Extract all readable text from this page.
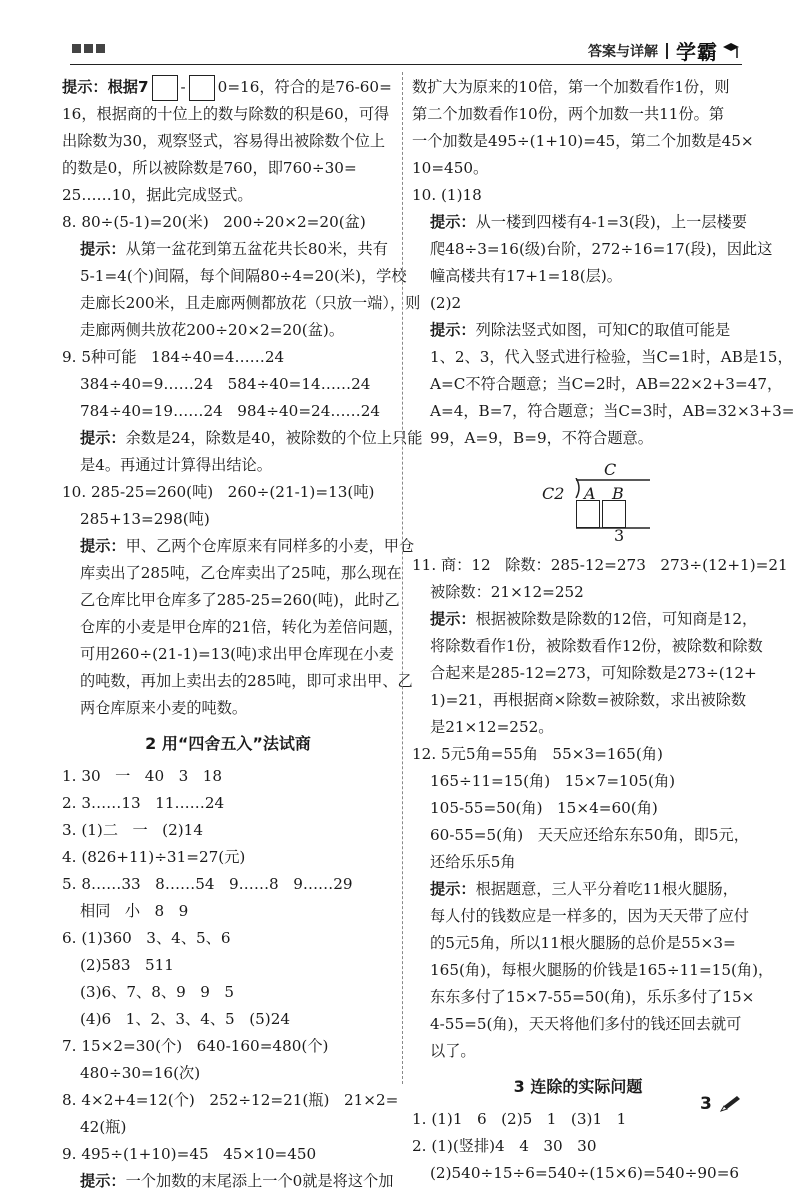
答案与详解 学霸
提示：根据7 - 0=16，符合的是76-60=
16，根据商的十位上的数与除数的积是60，可得
出除数为30，观察竖式，容易得出被除数个位上
的数是0，所以被除数是760，即760÷30=
25……10，据此完成竖式。
8. 80÷(5-1)=20(米)   200÷20×2=20(盆)
提示：从第一盆花到第五盆花共长80米，共有
5-1=4(个)间隔，每个间隔80÷4=20(米)，学校
走廊长200米，且走廊两侧都放花（只放一端），则
走廊两侧共放花200÷20×2=20(盆)。
9. 5种可能   184÷40=4……24
384÷40=9……24   584÷40=14……24
784÷40=19……24   984÷40=24……24
提示：余数是24，除数是40，被除数的个位上只能
是4。再通过计算得出结论。
10. 285-25=260(吨)   260÷(21-1)=13(吨)
285+13=298(吨)
提示：甲、乙两个仓库原来有同样多的小麦，甲仓
库卖出了285吨，乙仓库卖出了25吨，那么现在
乙仓库比甲仓库多了285-25=260(吨)，此时乙
仓库的小麦是甲仓库的21倍，转化为差倍问题，
可用260÷(21-1)=13(吨)求出甲仓库现在小麦
的吨数，再加上卖出去的285吨，即可求出甲、乙
两仓库原来小麦的吨数。
2 用“四舍五入”法试商
1. 30   一   40   3   18
2. 3……13   11……24
3. (1)二   一   (2)14
4. (826+11)÷31=27(元)
5. 8……33   8……54   9……8   9……29
相同   小   8   9
6. (1)360   3、4、5、6
(2)583   511
(3)6、7、8、9   9   5
(4)6   1、2、3、4、5   (5)24
7. 15×2=30(个)   640-160=480(个)
480÷30=16(次)
8. 4×2+4=12(个)   252÷12=21(瓶)   21×2=
42(瓶)
9. 495÷(1+10)=45   45×10=450
提示：一个加数的末尾添上一个0就是将这个加
数扩大为原来的10倍，第一个加数看作1份，则
第二个加数看作10份，两个加数一共11份。第
一个加数是495÷(1+10)=45，第二个加数是45×
10=450。
10. (1)18
提示：从一楼到四楼有4-1=3(段)，上一层楼要
爬48÷3=16(级)台阶，272÷16=17(段)，因此这
幢高楼共有17+1=18(层)。
(2)2
提示：列除法竖式如图，可知C的取值可能是
1、2、3，代入竖式进行检验，当C=1时，AB是15，
A=C不符合题意；当C=2时，AB=22×2+3=47，
A=4，B=7，符合题意；当C=3时，AB=32×3+3=
99，A=9，B=9，不符合题意。
C
C2 A B
3
11. 商：12   除数：285-12=273   273÷(12+1)=21
被除数：21×12=252
提示：根据被除数是除数的12倍，可知商是12，
将除数看作1份，被除数看作12份，被除数和除数
合起来是285-12=273，可知除数是273÷(12+
1)=21，再根据商×除数=被除数，求出被除数
是21×12=252。
12. 5元5角=55角   55×3=165(角)
165÷11=15(角)   15×7=105(角)
105-55=50(角)   15×4=60(角)
60-55=5(角)   天天应还给东东50角，即5元，
还给乐乐5角
提示：根据题意，三人平分着吃11根火腿肠，
每人付的钱数应是一样多的，因为天天带了应付
的5元5角，所以11根火腿肠的总价是55×3=
165(角)，每根火腿肠的价钱是165÷11=15(角)，
东东多付了15×7-55=50(角)，乐乐多付了15×
4-55=5(角)，天天将他们多付的钱还回去就可
以了。
3 连除的实际问题
1. (1)1   6   (2)5   1   (3)1   1
2. (1)(竖排)4   4   30   30
(2)540÷15÷6=540÷(15×6)=540÷90=6
3
